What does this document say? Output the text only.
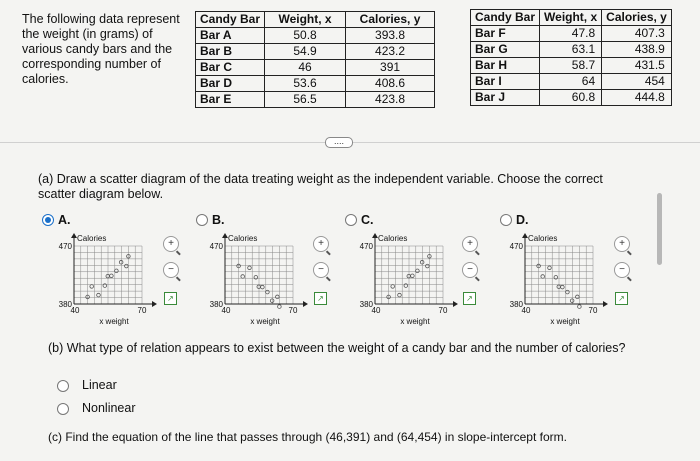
The following data represent the weight (in grams) of various candy bars and the corresponding number of calories.
Candy Bar	Weight, x	Calories, y
Bar A	50.8	393.8
Bar B	54.9	423.2
Bar C	46	391
Bar D	53.6	408.6
Bar E	56.5	423.8
Candy Bar	Weight, x	Calories, y
Bar F	47.8	407.3
Bar G	63.1	438.9
Bar H	58.7	431.5
Bar I	64	454
Bar J	60.8	444.8
....
(a) Draw a scatter diagram of the data treating weight as the independent variable. Choose the correct scatter diagram below.
A.	B.	C.	D.
Calories
470
380
40	70
x weight
Calories
470
380
40	70
x weight
Calories
470
380
40	70
x weight
Calories
470
380
40	70
x weight
+
−
↗
+
−
↗
+
−
↗
+
−
↗
(b) What type of relation appears to exist between the weight of a candy bar and the number of calories?
Linear
Nonlinear
(c) Find the equation of the line that passes through (46,391) and (64,454) in slope-intercept form.
